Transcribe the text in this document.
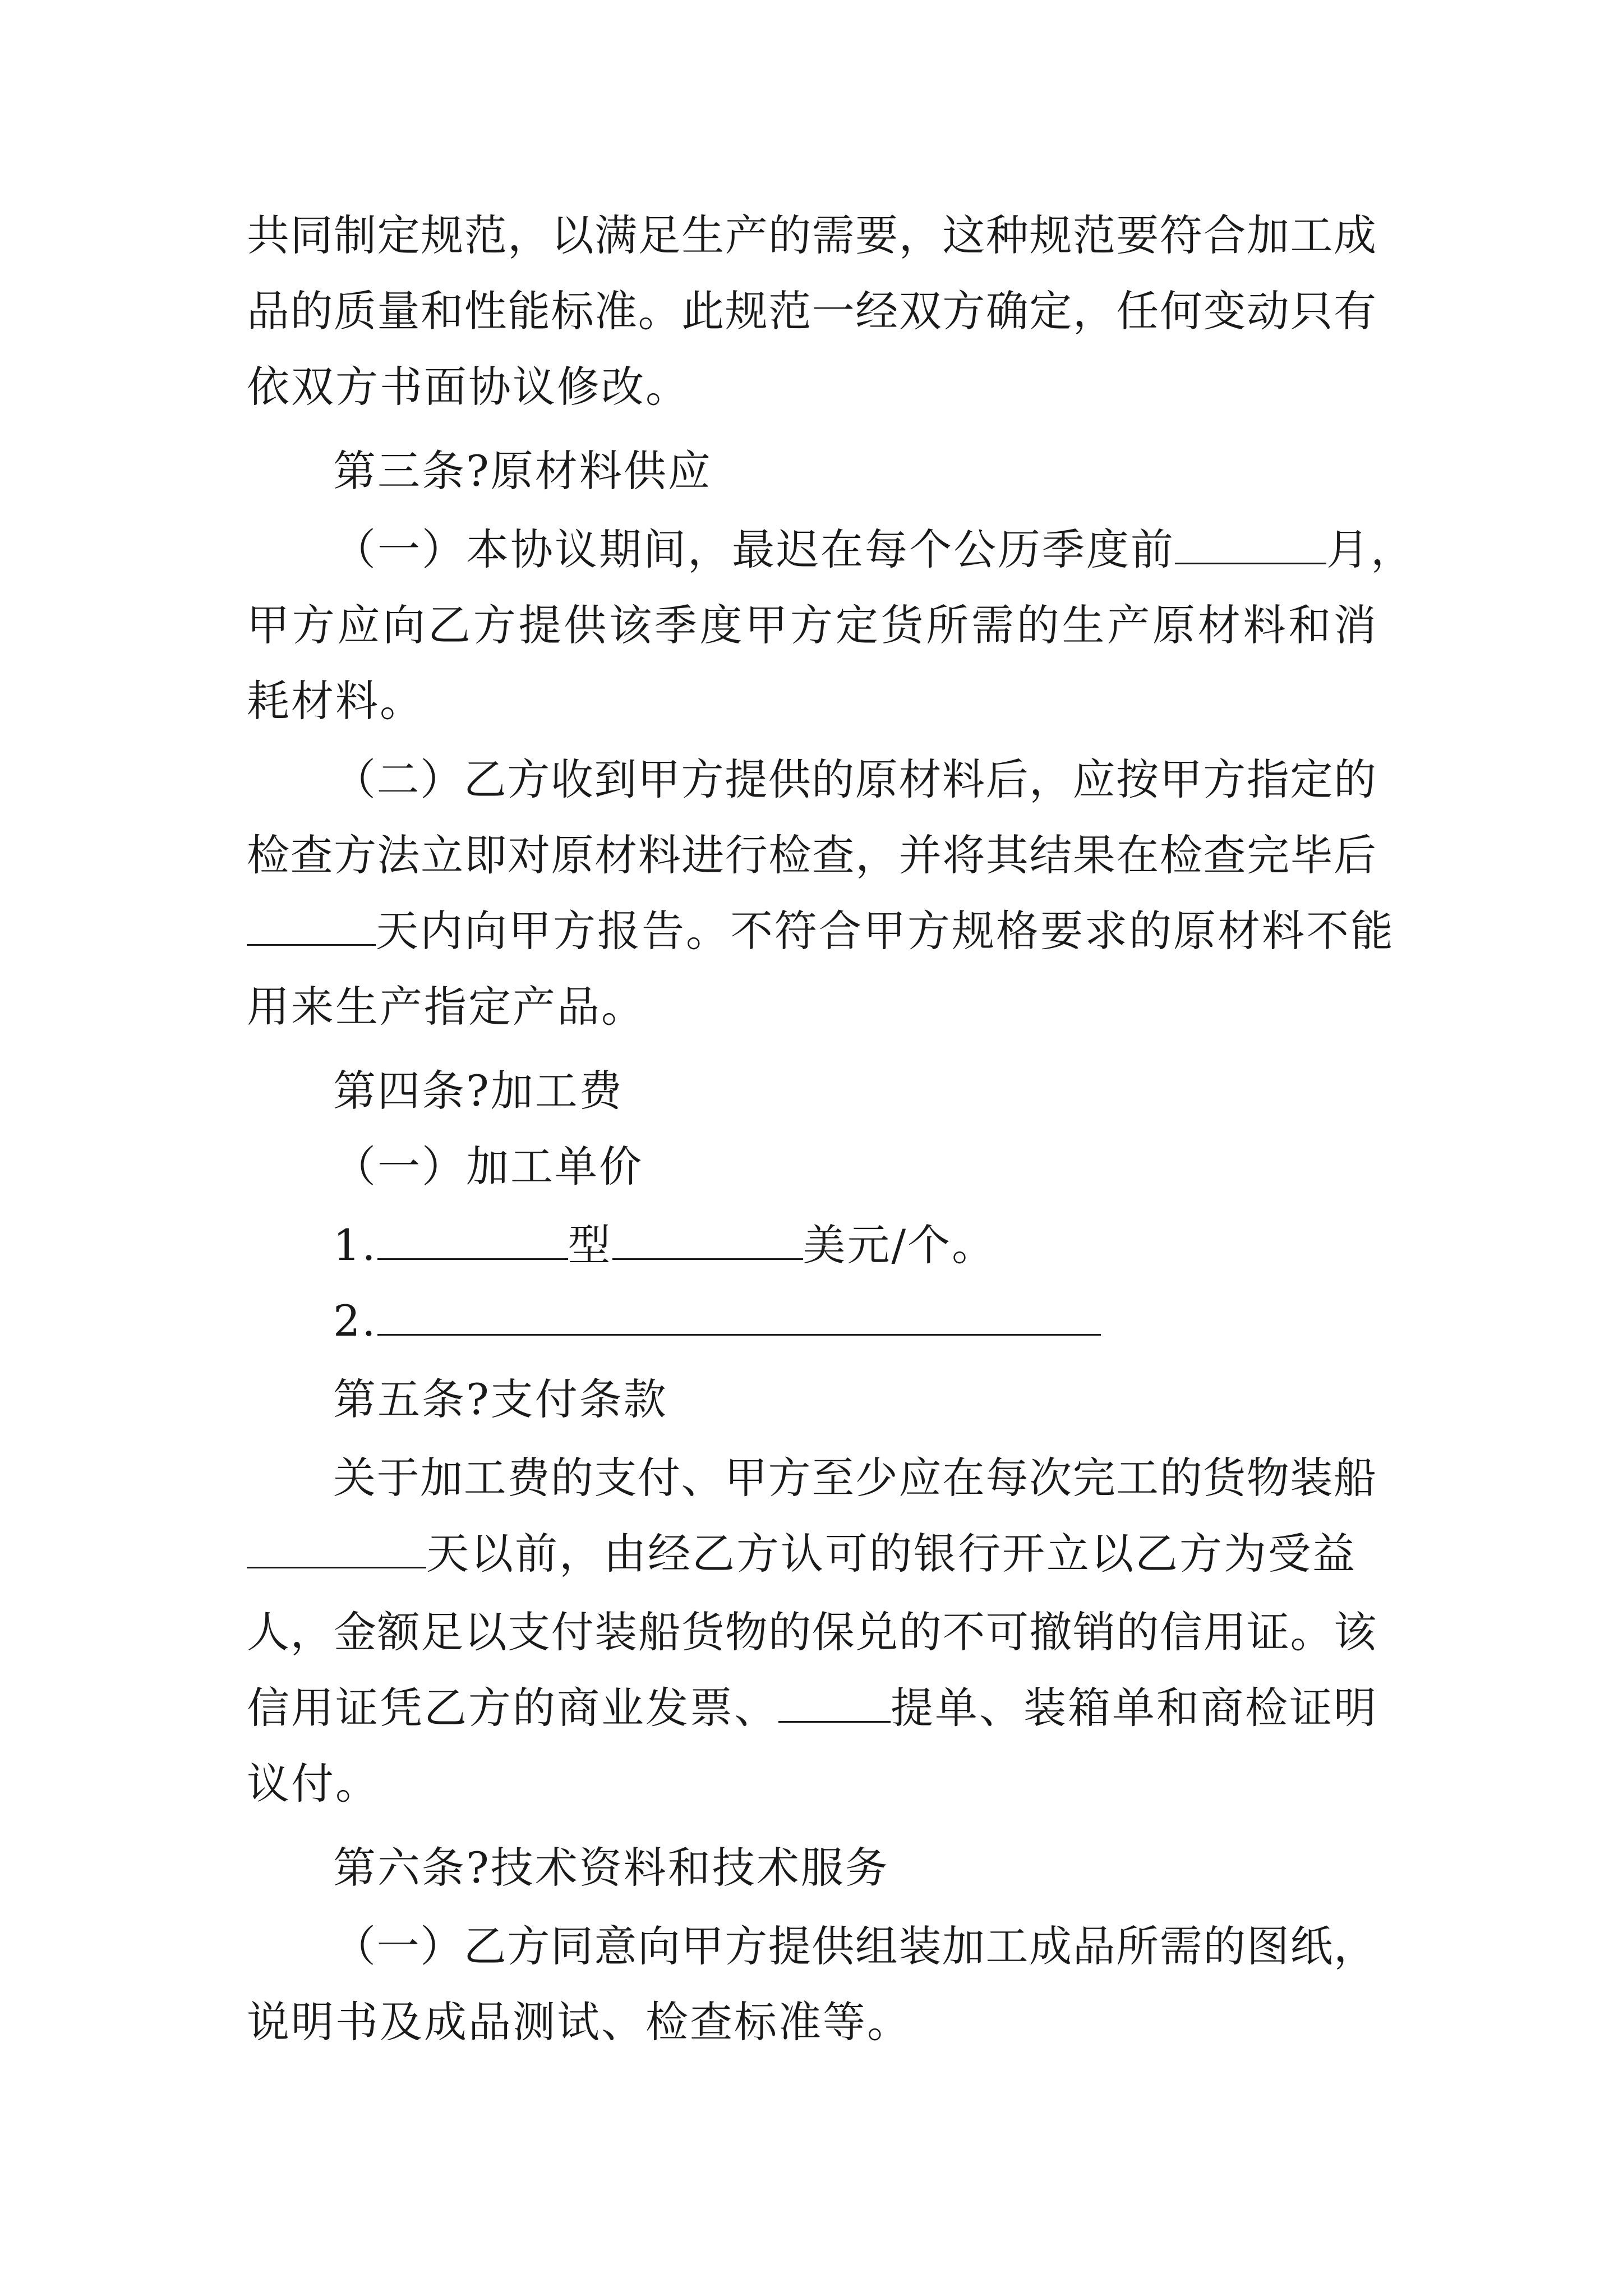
共同制定规范，以满足生产的需要，这种规范要符合加工成
品的质量和性能标准。此规范一经双方确定，任何变动只有
依双方书面协议修改。
第三条?原材料供应
（一）本协议期间，最迟在每个公历季度前	月，
甲方应向乙方提供该季度甲方定货所需的生产原材料和消
耗材料。
（二）乙方收到甲方提供的原材料后，应按甲方指定的
检查方法立即对原材料进行检查，并将其结果在检查完毕后
天内向甲方报告。不符合甲方规格要求的原材料不能
用来生产指定产品。
第四条?加工费
（一）加工单价
1.	型	美元/个。
2.
第五条?支付条款
关于加工费的支付、甲方至少应在每次完工的货物装船
天以前，由经乙方认可的银行开立以乙方为受益
人，金额足以支付装船货物的保兑的不可撤销的信用证。该
信用证凭乙方的商业发票、	提单、装箱单和商检证明
议付。
第六条?技术资料和技术服务
（一）乙方同意向甲方提供组装加工成品所需的图纸，
说明书及成品测试、检查标准等。
